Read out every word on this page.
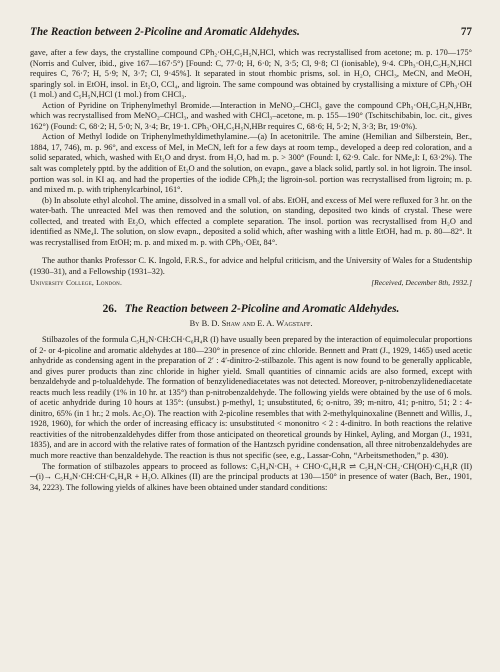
The Reaction between 2-Picoline and Aromatic Aldehydes.	77

gave, after a few days, the crystalline compound CPh₂·OH,C₅H₅N,HCl, which was recrystallised from acetone; m. p. 170—175° (Norris and Culver, ibid., give 167—167·5°) [Found: C, 77·0; H, 6·0; N, 3·5; Cl, 9·8; Cl (ionisable), 9·4. CPh₃·OH,C₅H₅N,HCl requires C, 76·7; H, 5·9; N, 3·7; Cl, 9·45%]. It separated in stout rhombic prisms, sol. in H₂O, CHCl₃, MeCN, and MeOH, sparingly sol. in EtOH, insol. in Et₂O, CCl₄, and ligroin. The same compound was obtained by crystallising a mixture of CPh₃·OH (1 mol.) and C₅H₅N,HCl (1 mol.) from CHCl₃.

Action of Pyridine on Triphenylmethyl Bromide.—Interaction in MeNO₂–CHCl₃ gave the compound CPh₃·OH,C₅H₅N,HBr, which was recrystallised from MeNO₂–CHCl₃, and washed with CHCl₃–acetone, m. p. 155—190° (Tschitschibabin, loc. cit., gives 162°) (Found: C, 68·2; H, 5·0; N, 3·4; Br, 19·1. CPh₃·OH,C₅H₅N,HBr requires C, 68·6; H, 5·2; N, 3·3; Br, 19·0%).

Action of Methyl Iodide on Triphenylmethyldimethylamine.—(a) In acetonitrile. The amine (Hemilian and Silberstein, Ber., 1884, 17, 746), m. p. 96°, and excess of MeI, in MeCN, left for a few days at room temp., developed a deep red coloration, and a solid separated, which, washed with Et₂O and dryst. from H₂O, had m. p. > 300° (Found: I, 62·9. Calc. for NMe₄I: I, 63·2%). The salt was completely pptd. by the addition of Et₂O and the solution, on evapn., gave a black solid, partly sol. in hot ligroin. The insol. portion was sol. in KI aq. and had the properties of the iodide CPh₃I; the ligroin-sol. portion was recrystallised from ligroin; m. p. and mixed m. p. with triphenylcarbinol, 161°.

(b) In absolute ethyl alcohol. The amine, dissolved in a small vol. of abs. EtOH, and excess of MeI were refluxed for 3 hr. on the water-bath. The unreacted MeI was then removed and the solution, on standing, deposited two kinds of crystal. These were collected, and treated with Et₂O, which effected a complete separation. The insol. portion was recrystallised from H₂O and identified as NMe₄I. The solution, on slow evapn., deposited a solid which, after washing with a little EtOH, had m. p. 80—82°. It was recrystallised from EtOH; m. p. and mixed m. p. with CPh₃·OEt, 84°.

The author thanks Professor C. K. Ingold, F.R.S., for advice and helpful criticism, and the University of Wales for a Studentship (1930–31), and a Fellowship (1931–32).

University College, London.	[Received, December 8th, 1932.]
26. The Reaction between 2-Picoline and Aromatic Aldehydes.
By B. D. Shaw and E. A. Wagstaff.

Stilbazoles of the formula C₅H₄N·CH:CH·C₆H₄R (I) have usually been prepared by the interaction of equimolecular proportions of 2- or 4-picoline and aromatic aldehydes at 180—230° in presence of zinc chloride. Bennett and Pratt (J., 1929, 1465) used acetic anhydride as condensing agent in the preparation of 2′ : 4′-dinitro-2-stilbazole. This agent is now found to be generally applicable, and gives purer products than zinc chloride in higher yield. Small quantities of cinnamic acids are also formed, except with benzaldehyde and p-tolualdehyde. The formation of benzylidenediacetates was not detected. Moreover, p-nitrobenzylidenediacetate reacts much less readily (1% in 10 hr. at 135°) than p-nitrobenzaldehyde. The following yields were obtained by the use of 6 mols. of acetic anhydride during 10 hours at 135°: (unsubst.) p-methyl, 1; unsubstituted, 6; o-nitro, 39; m-nitro, 41; p-nitro, 51; 2 : 4-dinitro, 65% (in 1 hr.; 2 mols. Ac₂O). The reaction with 2-picoline resembles that with 2-methylquinoxaline (Bennett and Willis, J., 1928, 1960), for which the order of increasing efficacy is: unsubstituted < mononitro < 2 : 4-dinitro. In both reactions the relative reactivities of the nitrobenzaldehydes differ from those anticipated on theoretical grounds by Hinkel, Ayling, and Morgan (J., 1931, 1835), and are in accord with the relative rates of formation of the Hantzsch pyridine condensation, all three nitrobenzaldehydes are much more reactive than benzaldehyde. The reaction is thus not specific (see, e.g., Lassar-Cohn, “Arbeitsmethoden,” p. 430).

The formation of stilbazoles appears to proceed as follows: C₅H₄N·CH₃ + CHO·C₆H₄R ⇌ C₅H₄N·CH₂·CH(OH)·C₆H₄R (II) ─(i)→ C₅H₄N·CH:CH·C₆H₄R + H₂O. Alkines (II) are the principal products at 130—150° in presence of water (Bach, Ber., 1901, 34, 2223). The following yields of alkines have been obtained under standard conditions:
